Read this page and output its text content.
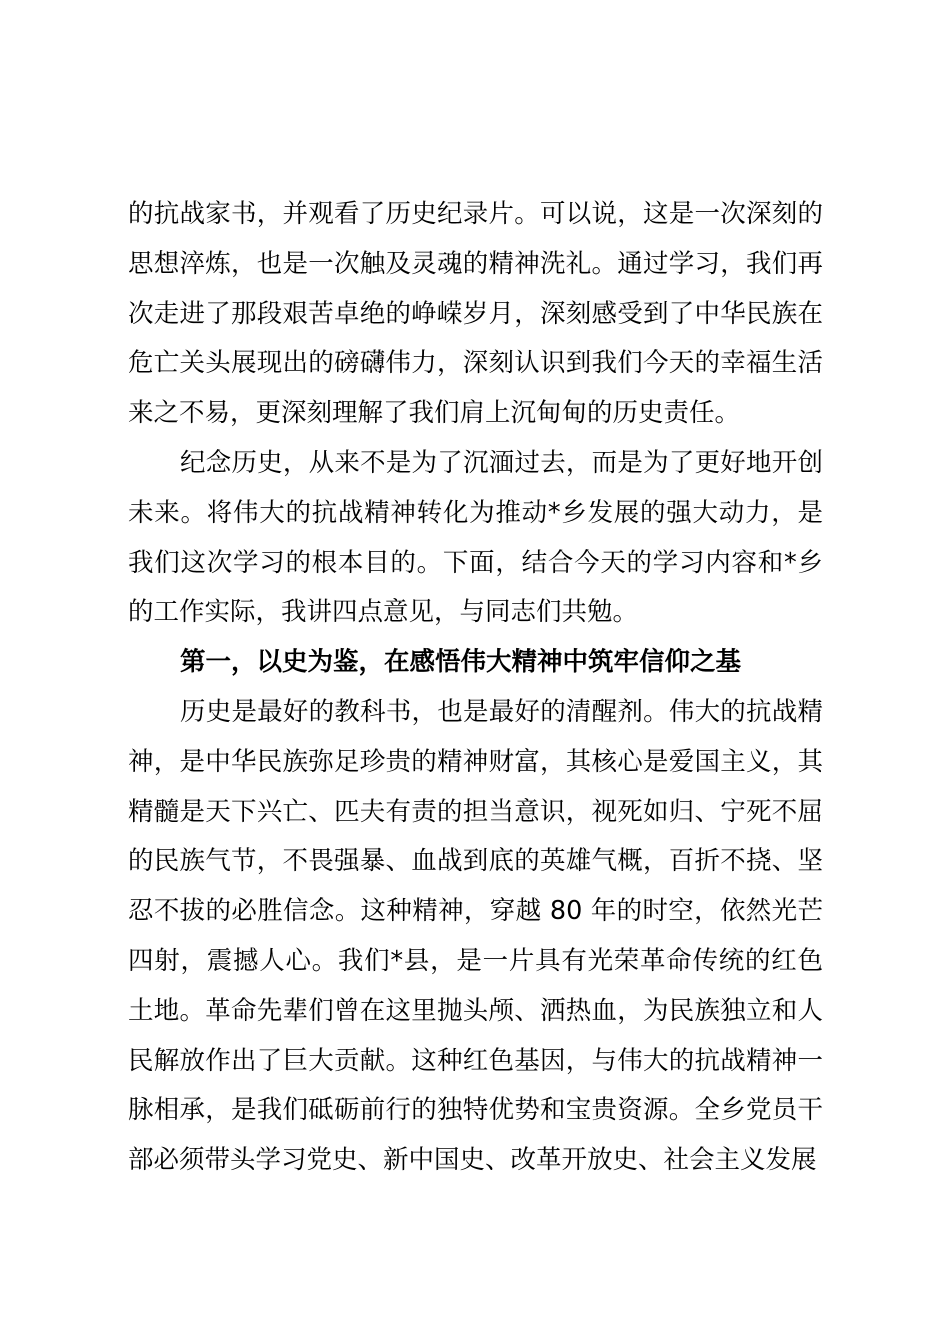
的抗战家书，并观看了历史纪录片。可以说，这是一次深刻的
思想淬炼，也是一次触及灵魂的精神洗礼。通过学习，我们再
次走进了那段艰苦卓绝的峥嵘岁月，深刻感受到了中华民族在
危亡关头展现出的磅礴伟力，深刻认识到我们今天的幸福生活
来之不易，更深刻理解了我们肩上沉甸甸的历史责任。
纪念历史，从来不是为了沉湎过去，而是为了更好地开创
未来。将伟大的抗战精神转化为推动*乡发展的强大动力，是
我们这次学习的根本目的。下面，结合今天的学习内容和*乡
的工作实际，我讲四点意见，与同志们共勉。
第一，以史为鉴，在感悟伟大精神中筑牢信仰之基
历史是最好的教科书，也是最好的清醒剂。伟大的抗战精
神，是中华民族弥足珍贵的精神财富，其核心是爱国主义，其
精髓是天下兴亡、匹夫有责的担当意识，视死如归、宁死不屈
的民族气节，不畏强暴、血战到底的英雄气概，百折不挠、坚
忍不拔的必胜信念。这种精神，穿越 80 年的时空，依然光芒
四射，震撼人心。我们*县，是一片具有光荣革命传统的红色
土地。革命先辈们曾在这里抛头颅、洒热血，为民族独立和人
民解放作出了巨大贡献。这种红色基因，与伟大的抗战精神一
脉相承，是我们砥砺前行的独特优势和宝贵资源。全乡党员干
部必须带头学习党史、新中国史、改革开放史、社会主义发展
